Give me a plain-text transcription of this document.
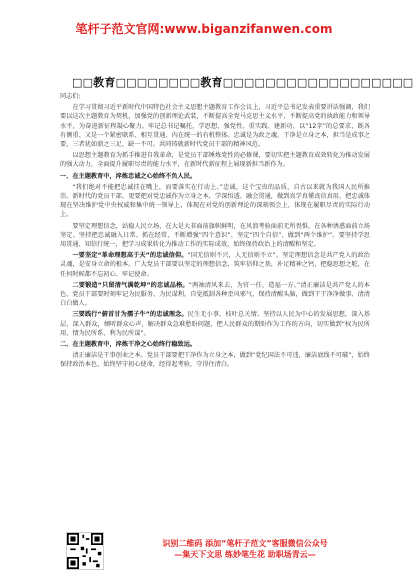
笔杆子范文官网:www.biganzifanwen.com
□□教育□□□□□□□□教育□□□□□□□□□□□□□□□□□□
同志们:
在学习贯彻习近平新时代中国特色社会主义思想主题教育工作会议上，习近平总书记发表重要讲话强调，我们要以这次主题教育为契机，加强党的创新理论武装，不断提高全党马克思主义水平，不断提高党的执政能力和领导水平，为奋进新征程凝心聚力。牢记总书记嘱托，学思想、强党性、重实践、建新功，以“12字”的总要求，既各有侧重、又是一个紧密联系、相互贯通、内在统一的有机整体。忠诚是为政之魂，干净是立身之本，担当是成事之要，三者犹如鼎之三足，缺一不可。共同铸就新时代党员干部的精神风范。
以思想主题教育为抓手推进自我革命，是党员干部锤炼党性的必修课，要切实把主题教育成效转化为推动发展的强大动力，全面提升履职尽责的能力水平，在新时代新征程上展现新担当新作为。
一、在主题教育中，淬炼忠诚之心始终不负人民。
“我们绝对不能把忠诚挂在嘴上，而要落实在行动上。”忠诚，这个宝贵的品质，自古以来就为我国人民所推崇。新时代的党员干部，更要把对党忠诚作为立身之本，学深悟透、融会贯通，做到真学真懂真信真用，把忠诚体现在坚决维护党中央权威和集中统一领导上，体现在对党的创新理论的深刻领会上，体现在履职尽责的实际行动上。
要坚定理想信念，站稳人民立场，在大是大非面前旗帜鲜明，在风浪考验面前无所畏惧，在各种诱惑面前立场坚定。坚持把忠诚融入日常、抓在经常，不断增强“四个意识”、坚定“四个自信”、做到“两个维护”。要坚持学思用贯通、知信行统一，把学习成果转化为推动工作的实际成效，始终保持政治上的清醒和坚定。
一要坚定“革命理想高于天”的忠诚信仰。“国无信则不兴，人无信则不立”。坚定理想信念是共产党人的政治灵魂，是安身立命的根本。广大党员干部要以坚定的理想信念，筑牢信仰之基，补足精神之钙，把稳思想之舵，在任何时候都不忘初心、牢记使命。
二要锻造“只留清气满乾坤”的忠诚品格。“两袖清风来去，为官一任，造福一方。”清正廉洁是共产党人的本色。党员干部要时刻牢记为民服务、为民谋利，自觉抵制各种歪风邪气，保持清醒头脑，做到干干净净做事、清清白白做人。
三要践行“俯首甘为孺子牛”的忠诚理念。民生无小事，枝叶总关情。坚持以人民为中心的发展思想，深入基层、深入群众，倾听群众心声，解决群众急难愁盼问题，把人民群众的期盼作为工作的方向，切实做到“权为民所用、情为民所系、利为民所谋”。
二、在主题教育中，淬炼干净之心始终行稳致远。
清正廉洁是干事创业之本。党员干部要把干净作为立身之本，做到“党纪国法不可违，廉洁底线不可破”，始终保持政治本色，始终坚守初心使命，经得起考验，守得住清白。
识别二维码 添加“笔杆子范文”客服微信公众号
—集天下文思 练妙笔生花 助职场青云—
